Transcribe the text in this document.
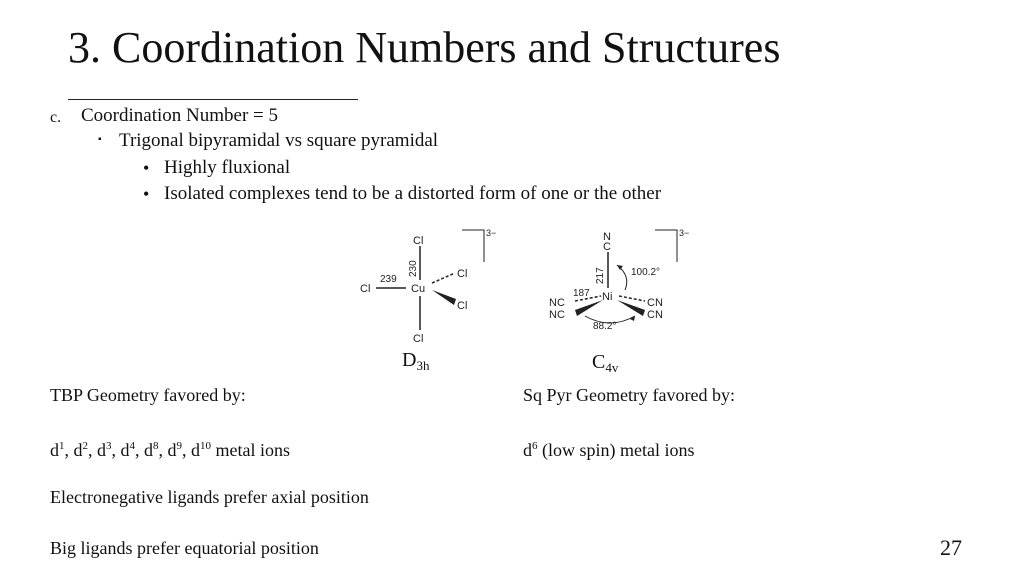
3. Coordination Numbers and Structures
c. Coordination Number = 5
▪ Trigonal bipyramidal vs square pyramidal
• Highly fluxional
• Isolated complexes tend to be a distorted form of one or the other
Cl
Cl	Cu
Cl
Cl
Cl
230
239
3−	N
C
Ni
NC
NC
CN
CN
217
187
100.2°
88.2°
3−
$D_{3h}$	$C_{4v}$
TBP Geometry favored by:	Sq Pyr Geometry favored by:
$d^1$, $d^2$, $d^3$, $d^4$, $d^8$, $d^9$, $d^{10}$ metal ions	$d^6$ (low spin) metal ions
Electronegative ligands prefer axial position
Big ligands prefer equatorial position	27
